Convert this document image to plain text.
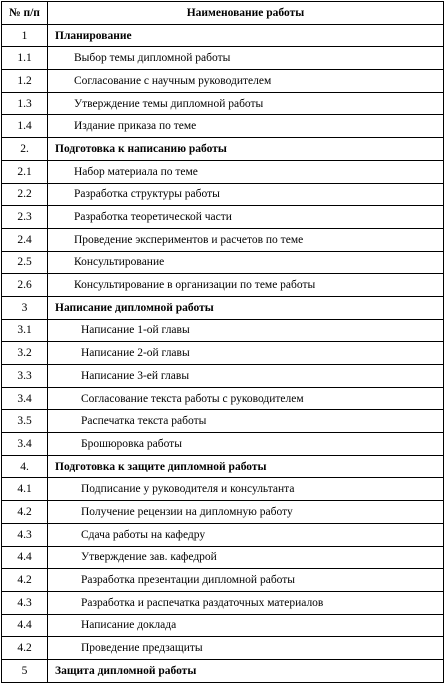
№ п/п	Наименование работы
1	Планирование
1.1	Выбор темы дипломной работы
1.2	Согласование с научным руководителем
1.3	Утверждение темы дипломной работы
1.4	Издание приказа по теме
2.	Подготовка к написанию работы
2.1	Набор материала по теме
2.2	Разработка структуры работы
2.3	Разработка теоретической части
2.4	Проведение экспериментов и расчетов по теме
2.5	Консультирование
2.6	Консультирование в организации по теме работы
3	Написание дипломной работы
3.1	Написание 1-ой главы
3.2	Написание 2-ой главы
3.3	Написание 3-ей главы
3.4	Согласование текста работы с руководителем
3.5	Распечатка текста работы
3.4	Брошюровка работы
4.	Подготовка к защите дипломной работы
4.1	Подписание у руководителя и консультанта
4.2	Получение рецензии на дипломную работу
4.3	Сдача работы на кафедру
4.4	Утверждение зав. кафедрой
4.2	Разработка презентации дипломной работы
4.3	Разработка и распечатка раздаточных материалов
4.4	Написание доклада
4.2	Проведение предзащиты
5	Защита дипломной работы
